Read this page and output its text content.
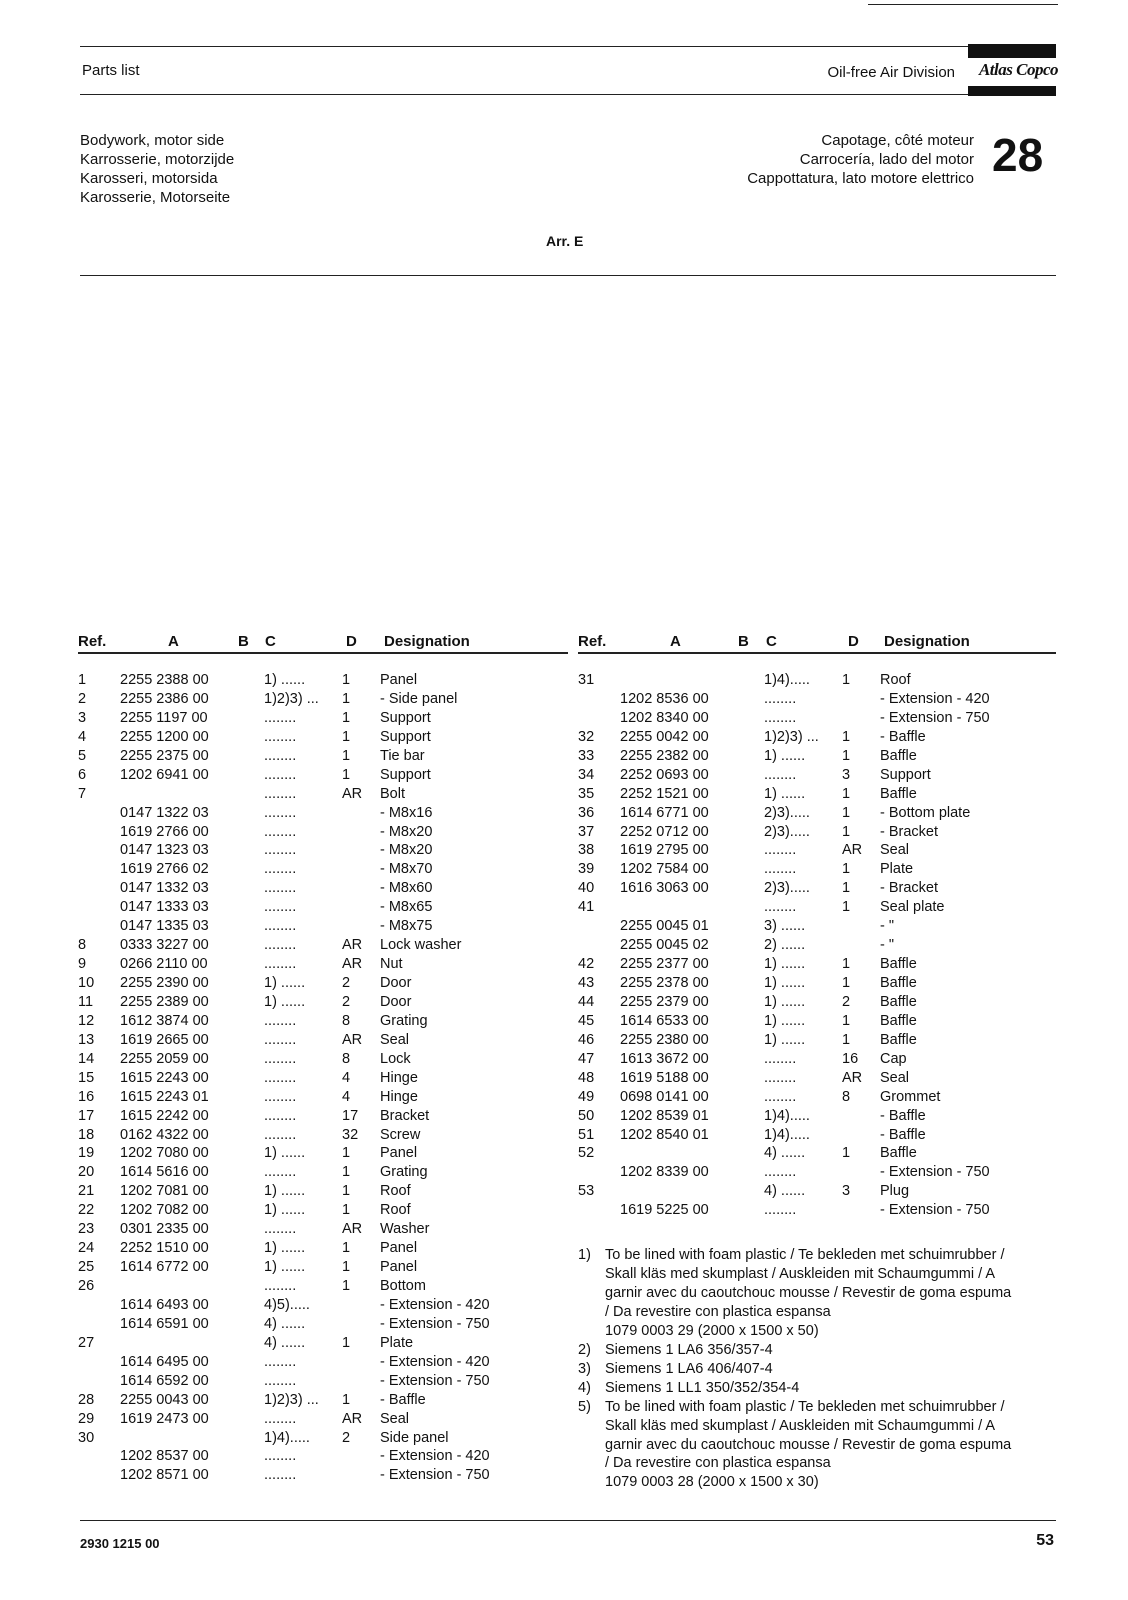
Parts list	Oil-free Air Division	Atlas Copco
Bodywork, motor side
Karrosserie, motorzijde
Karosseri, motorsida
Karosserie, Motorseite
Capotage, côté moteur
Carrocería, lado del motor
Cappottatura, lato motore elettrico 28
Arr. E
Ref.	A	B C	D Designation	Ref.	A	B C	D Designation
1 2255 2388 00	1) ......	1 Panel
2 2255 2386 00	1)2)3) ... 1 - Side panel
3 2255 1197 00	........	1 Support
4 2255 1200 00	........	1 Support
5 2255 2375 00	........	1 Tie bar
6 1202 6941 00	........	1 Support
7	........	AR Bolt
0147 1322 03	........	- M8x16
1619 2766 00	........	- M8x20
0147 1323 03	........	- M8x20
1619 2766 02	........	- M8x70
0147 1332 03	........	- M8x60
0147 1333 03	........	- M8x65
0147 1335 03	........	- M8x75
8 0333 3227 00	........	AR Lock washer
9 0266 2110 00	........	AR Nut
10 2255 2390 00	1) ......	2 Door
11 2255 2389 00	1) ......	2 Door
12 1612 3874 00	........	8 Grating
13 1619 2665 00	........	AR Seal
14 2255 2059 00	........	8 Lock
15 1615 2243 00	........	4 Hinge
16 1615 2243 01	........	4 Hinge
17 1615 2242 00	........	17 Bracket
18 0162 4322 00	........	32 Screw
19 1202 7080 00	1) ......	1 Panel
20 1614 5616 00	........	1 Grating
21 1202 7081 00	1) ......	1 Roof
22 1202 7082 00	1) ......	1 Roof
23 0301 2335 00	........	AR Washer
24 2252 1510 00	1) ......	1 Panel
25 1614 6772 00	1) ......	1 Panel
26	........	1 Bottom
1614 6493 00	4)5).....	- Extension - 420
1614 6591 00	4) ......	- Extension - 750
27	4) ......	1 Plate
1614 6495 00	........	- Extension - 420
1614 6592 00	........	- Extension - 750
28 2255 0043 00	1)2)3) ... 1 - Baffle
29 1619 2473 00	........	AR Seal
30	1)4)..... 2 Side panel
1202 8537 00	........	- Extension - 420
1202 8571 00	........	- Extension - 750
31	1)4)..... 1 Roof
1202 8536 00	........	- Extension - 420
1202 8340 00	........	- Extension - 750
32 2255 0042 00	1)2)3) ... 1 - Baffle
33 2255 2382 00	1) ......	1 Baffle
34 2252 0693 00	........	3 Support
35 2252 1521 00	1) ......	1 Baffle
36 1614 6771 00	2)3)..... 1 - Bottom plate
37 2252 0712 00	2)3)..... 1 - Bracket
38 1619 2795 00	........	AR Seal
39 1202 7584 00	........	1 Plate
40 1616 3063 00	2)3)..... 1 - Bracket
41	........	1 Seal plate
2255 0045 01	3) ......	- "
2255 0045 02	2) ......	- "
42 2255 2377 00	1) ......	1 Baffle
43 2255 2378 00	1) ......	1 Baffle
44 2255 2379 00	1) ......	2 Baffle
45 1614 6533 00	1) ......	1 Baffle
46 2255 2380 00	1) ......	1 Baffle
47 1613 3672 00	........	16 Cap
48 1619 5188 00	........	AR Seal
49 0698 0141 00	........	8 Grommet
50 1202 8539 01	1)4).....	- Baffle
51 1202 8540 01	1)4).....	- Baffle
52	4) ......	1 Baffle
1202 8339 00	........	- Extension - 750
53	4) ......	3 Plug
1619 5225 00	........	- Extension - 750
1) To be lined with foam plastic / Te bekleden met schuimrubber /
Skall kläs med skumplast / Auskleiden mit Schaumgummi / A
garnir avec du caoutchouc mousse / Revestir de goma espuma
/ Da revestire con plastica espansa
1079 0003 29 (2000 x 1500 x 50)
2) Siemens 1 LA6 356/357-4
3) Siemens 1 LA6 406/407-4
4) Siemens 1 LL1 350/352/354-4
5) To be lined with foam plastic / Te bekleden met schuimrubber /
Skall kläs med skumplast / Auskleiden mit Schaumgummi / A
garnir avec du caoutchouc mousse / Revestir de goma espuma
/ Da revestire con plastica espansa
1079 0003 28 (2000 x 1500 x 30)
2930 1215 00	53
